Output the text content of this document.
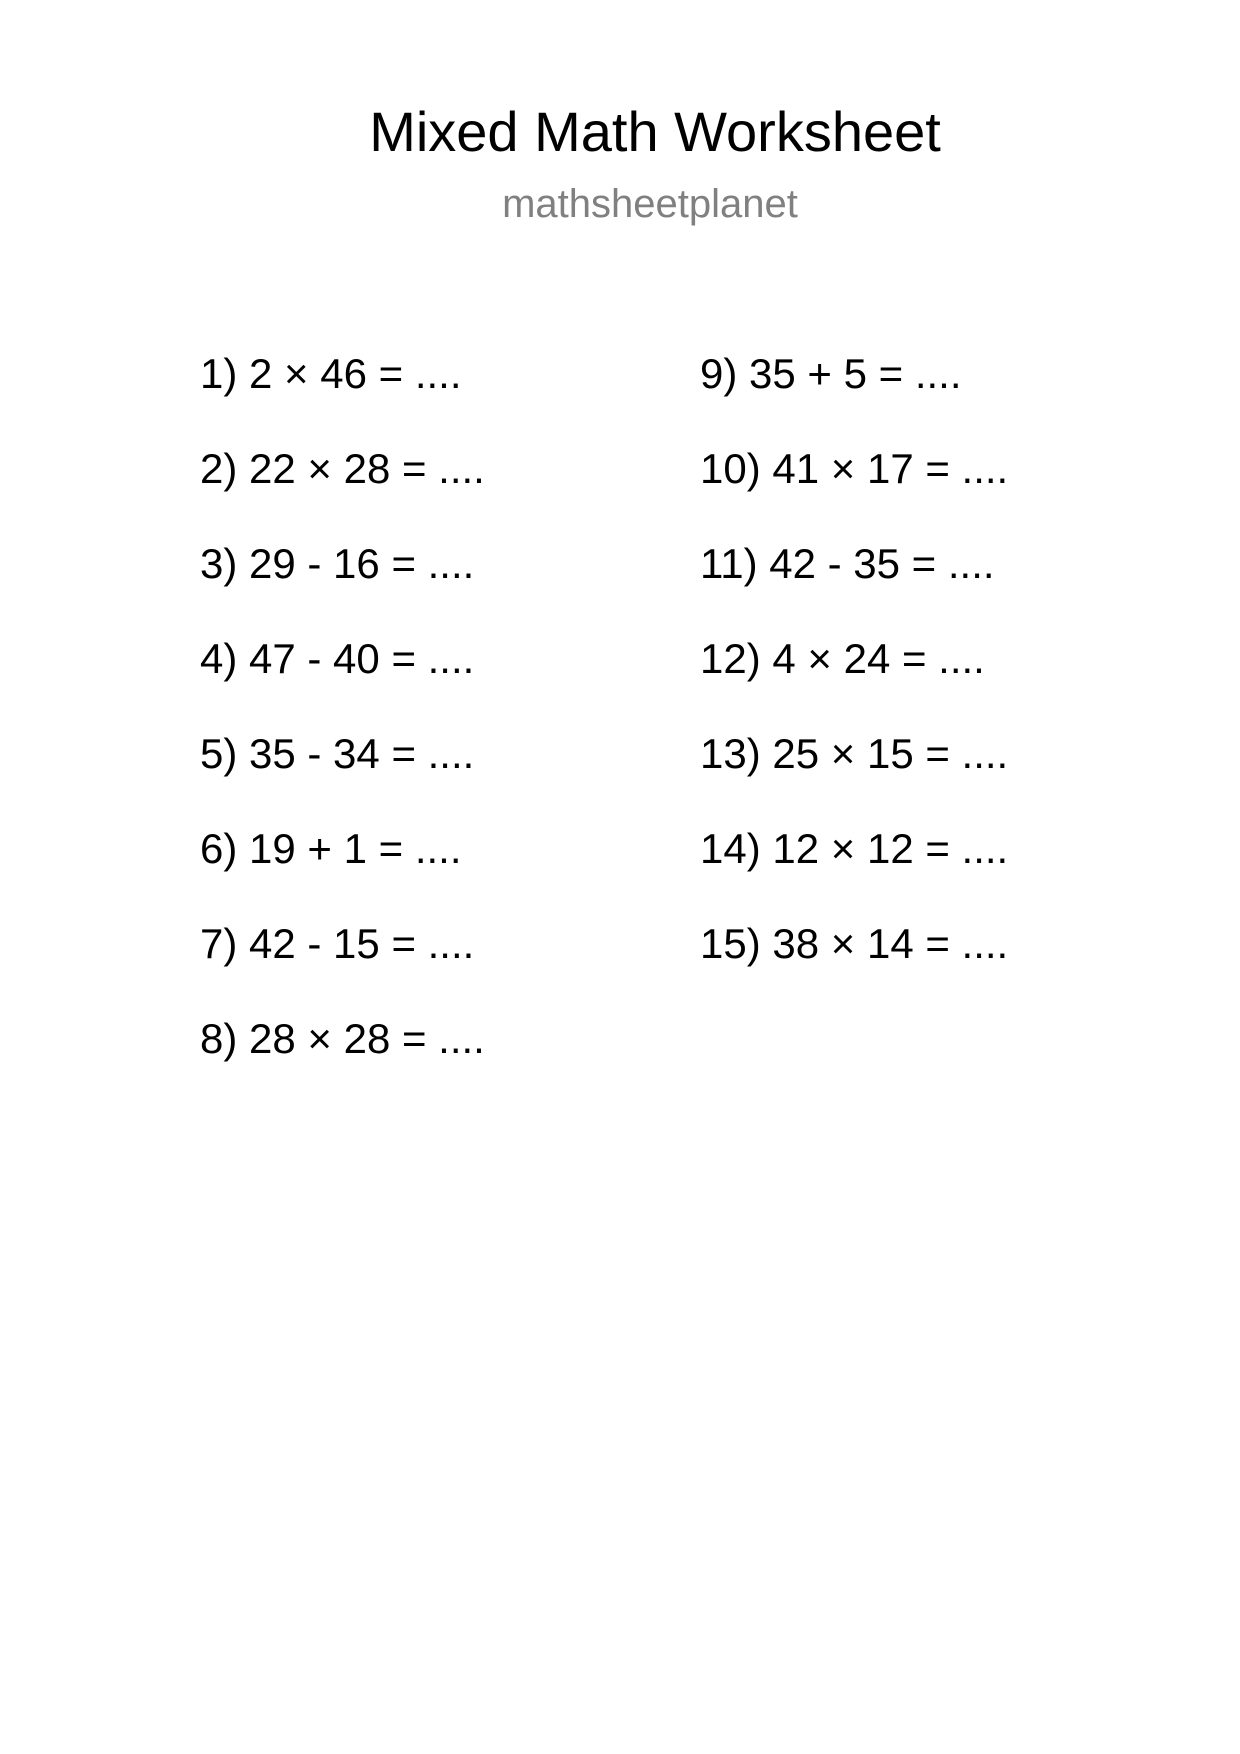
Mixed Math Worksheet
mathsheetplanet
1) 2 × 46 = ....
2) 22 × 28 = ....
3) 29 - 16 = ....
4) 47 - 40 = ....
5) 35 - 34 = ....
6) 19 + 1 = ....
7) 42 - 15 = ....
8) 28 × 28 = ....
9) 35 + 5 = ....
10) 41 × 17 = ....
11) 42 - 35 = ....
12) 4 × 24 = ....
13) 25 × 15 = ....
14) 12 × 12 = ....
15) 38 × 14 = ....
